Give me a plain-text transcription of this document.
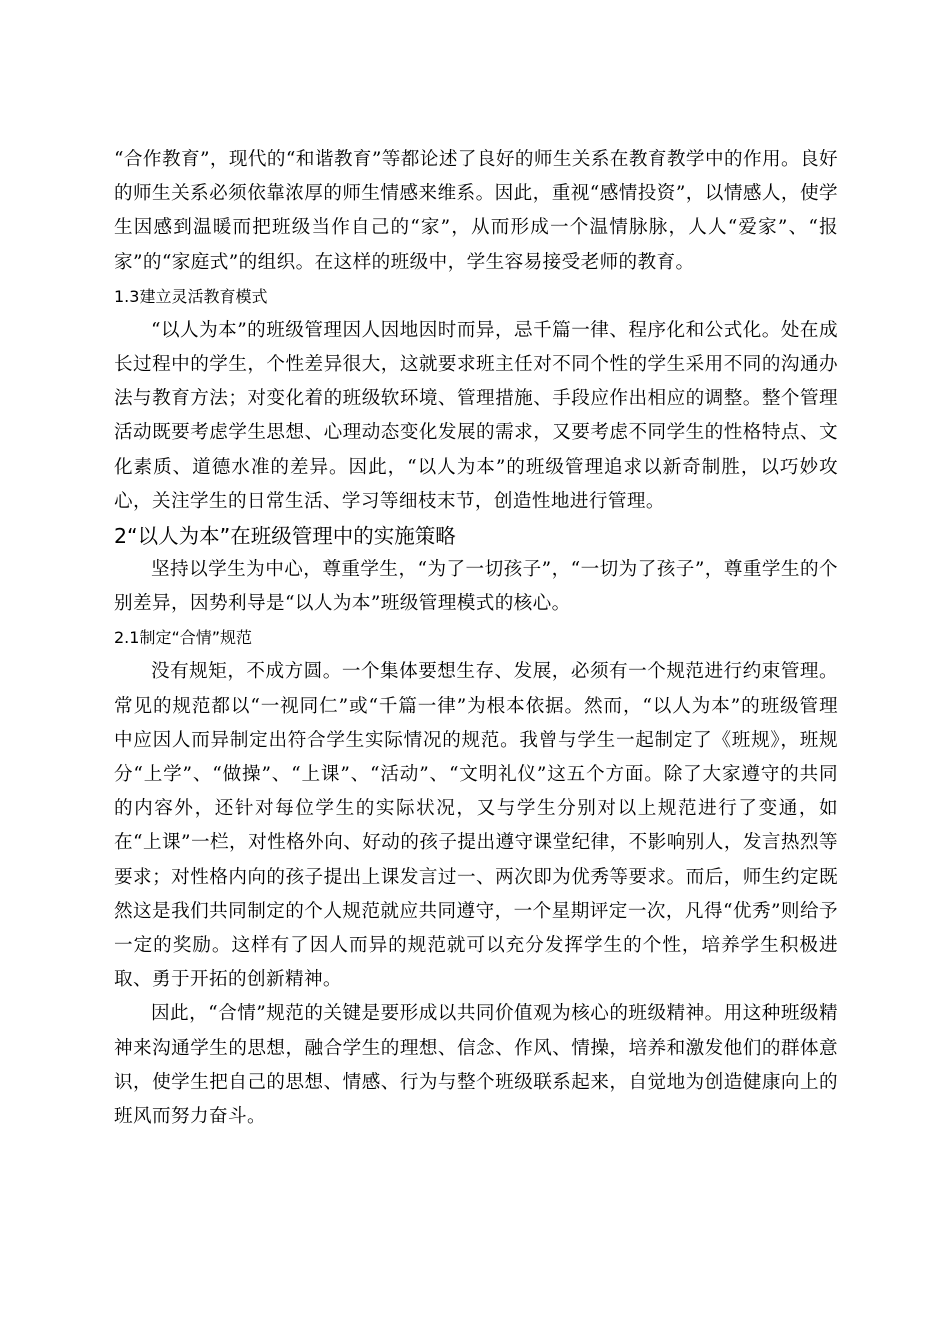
“合作教育”，现代的“和谐教育”等都论述了良好的师生关系在教育教学中的作用。良好的师生关系必须依靠浓厚的师生情感来维系。因此，重视“感情投资”，以情感人，使学生因感到温暖而把班级当作自己的“家”，从而形成一个温情脉脉，人人“爱家”、“报家”的“家庭式”的组织。在这样的班级中，学生容易接受老师的教育。

1.3建立灵活教育模式

“以人为本”的班级管理因人因地因时而异，忌千篇一律、程序化和公式化。处在成长过程中的学生，个性差异很大，这就要求班主任对不同个性的学生采用不同的沟通办法与教育方法；对变化着的班级软环境、管理措施、手段应作出相应的调整。整个管理活动既要考虑学生思想、心理动态变化发展的需求，又要考虑不同学生的性格特点、文化素质、道德水准的差异。因此，“以人为本”的班级管理追求以新奇制胜，以巧妙攻心，关注学生的日常生活、学习等细枝末节，创造性地进行管理。

2“以人为本”在班级管理中的实施策略

坚持以学生为中心，尊重学生，“为了一切孩子”，“一切为了孩子”，尊重学生的个别差异，因势利导是“以人为本”班级管理模式的核心。

2.1制定“合情”规范

没有规矩，不成方圆。一个集体要想生存、发展，必须有一个规范进行约束管理。常见的规范都以“一视同仁”或“千篇一律”为根本依据。然而，“以人为本”的班级管理中应因人而异制定出符合学生实际情况的规范。我曾与学生一起制定了《班规》，班规分“上学”、“做操”、“上课”、“活动”、“文明礼仪”这五个方面。除了大家遵守的共同的内容外，还针对每位学生的实际状况，又与学生分别对以上规范进行了变通，如在“上课”一栏，对性格外向、好动的孩子提出遵守课堂纪律，不影响别人，发言热烈等要求；对性格内向的孩子提出上课发言过一、两次即为优秀等要求。而后，师生约定既然这是我们共同制定的个人规范就应共同遵守，一个星期评定一次，凡得“优秀”则给予一定的奖励。这样有了因人而异的规范就可以充分发挥学生的个性，培养学生积极进取、勇于开拓的创新精神。

因此，“合情”规范的关键是要形成以共同价值观为核心的班级精神。用这种班级精神来沟通学生的思想，融合学生的理想、信念、作风、情操，培养和激发他们的群体意识，使学生把自己的思想、情感、行为与整个班级联系起来，自觉地为创造健康向上的班风而努力奋斗。
